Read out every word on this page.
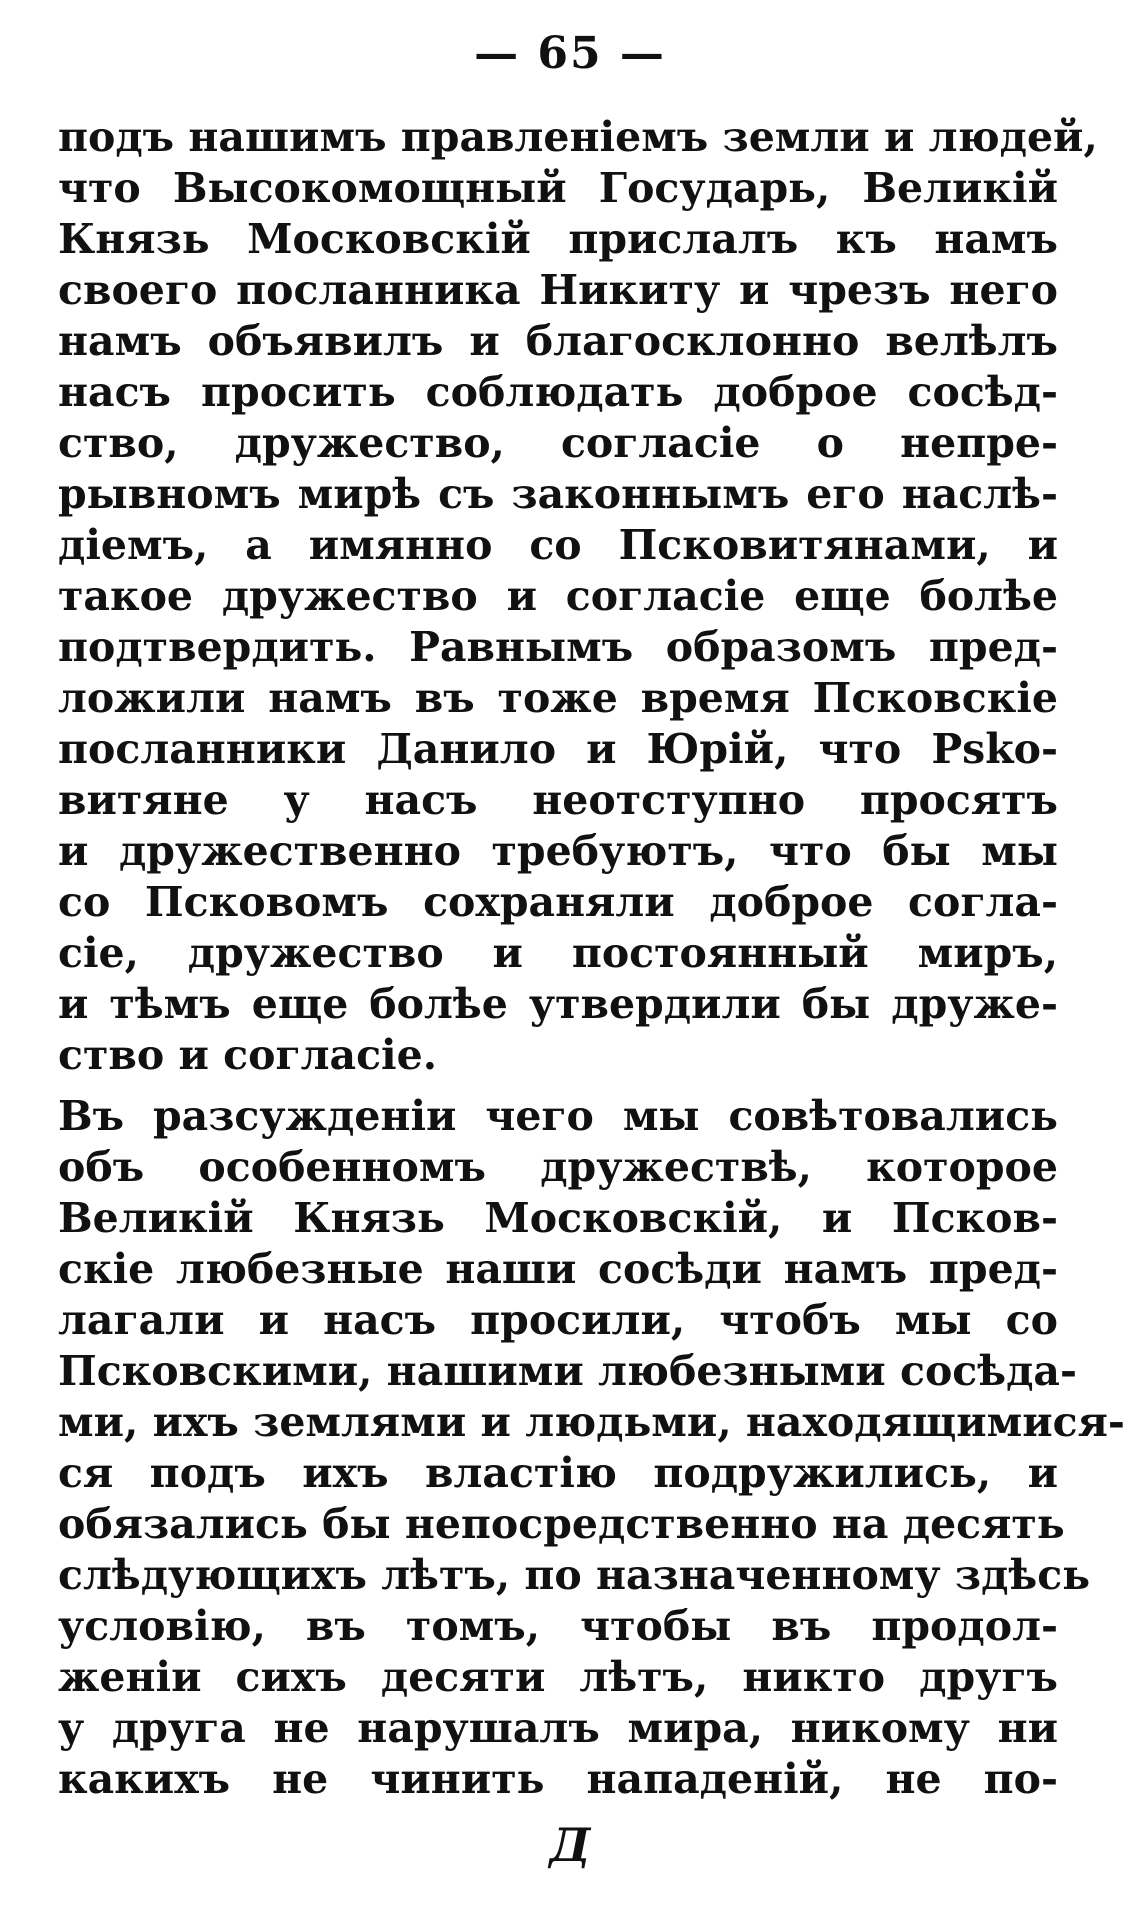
— 65 —
подъ нашимъ правленіемъ земли и людей,
что Высокомощный Государь, Великій
Князь Московскій прислалъ къ намъ
своего посланника Никиту и чрезъ него
намъ объявилъ и благосклонно велѣлъ
насъ просить соблюдать доброе сосѣд-
ство, дружество, согласіе о непре-
рывномъ мирѣ съ законнымъ его наслѣ-
діемъ, а имянно со Псковитянами, и
такое дружество и согласіе еще болѣе
подтвердить. Равнымъ образомъ пред-
ложили намъ въ тоже время Псковскіе
посланники Данило и Юрій, что Psko-
витяне у насъ неотступно просятъ
и дружественно требуютъ, что бы мы
со Псковомъ сохраняли доброе согла-
сіе, дружество и постоянный миръ,
и тѣмъ еще болѣе утвердили бы друже-
ство и согласіе.
Въ разсужденіи чего мы совѣтовались
объ особенномъ дружествѣ, которое
Великій Князь Московскій, и Псков-
скіе любезные наши сосѣди намъ пред-
лагали и насъ просили, чтобъ мы со
Псковскими, нашими любезными сосѣда-
ми, ихъ землями и людьми, находящимися-
ся подъ ихъ властію подружились, и
обязались бы непосредственно на десять
слѣдующихъ лѣтъ, по назначенному здѣсь
условію, въ томъ, чтобы въ продол-
женіи сихъ десяти лѣтъ, никто другъ
у друга не нарушалъ мира, никому ни
какихъ не чинить нападеній, не по-
Д
